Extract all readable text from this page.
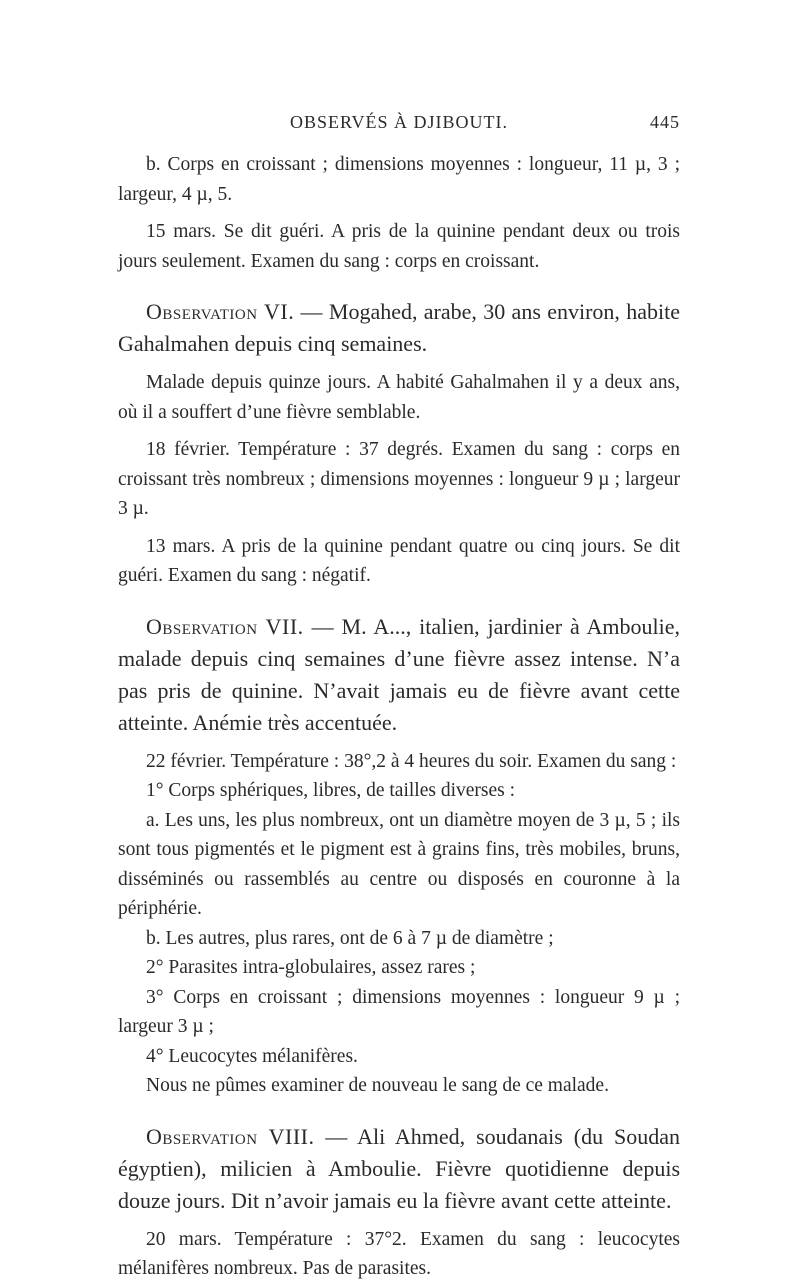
OBSERVÉS À DJIBOUTI.	445

b. Corps en croissant ; dimensions moyennes : longueur, 11 µ, 3 ; largeur, 4 µ, 5.

15 mars. Se dit guéri. A pris de la quinine pendant deux ou trois jours seulement. Examen du sang : corps en croissant.

Observation VI. — Mogahed, arabe, 30 ans environ, habite Gahalmahen depuis cinq semaines.

Malade depuis quinze jours. A habité Gahalmahen il y a deux ans, où il a souffert d’une fièvre semblable.

18 février. Température : 37 degrés. Examen du sang : corps en croissant très nombreux ; dimensions moyennes : longueur 9 µ ; largeur 3 µ.

13 mars. A pris de la quinine pendant quatre ou cinq jours. Se dit guéri. Examen du sang : négatif.

Observation VII. — M. A..., italien, jardinier à Amboulie, malade depuis cinq semaines d’une fièvre assez intense. N’a pas pris de quinine. N’avait jamais eu de fièvre avant cette atteinte. Anémie très accentuée.

22 février. Température : 38°,2 à 4 heures du soir. Examen du sang :

1° Corps sphériques, libres, de tailles diverses :

a. Les uns, les plus nombreux, ont un diamètre moyen de 3 µ, 5 ; ils sont tous pigmentés et le pigment est à grains fins, très mobiles, bruns, disséminés ou rassemblés au centre ou disposés en couronne à la périphérie.

b. Les autres, plus rares, ont de 6 à 7 µ de diamètre ;

2° Parasites intra-globulaires, assez rares ;

3° Corps en croissant ; dimensions moyennes : longueur 9 µ ; largeur 3 µ ;

4° Leucocytes mélanifères.

Nous ne pûmes examiner de nouveau le sang de ce malade.

Observation VIII. — Ali Ahmed, soudanais (du Soudan égyptien), milicien à Amboulie. Fièvre quotidienne depuis douze jours. Dit n’avoir jamais eu la fièvre avant cette atteinte.

20 mars. Température : 37°2. Examen du sang : leucocytes mélanifères nombreux. Pas de parasites.
